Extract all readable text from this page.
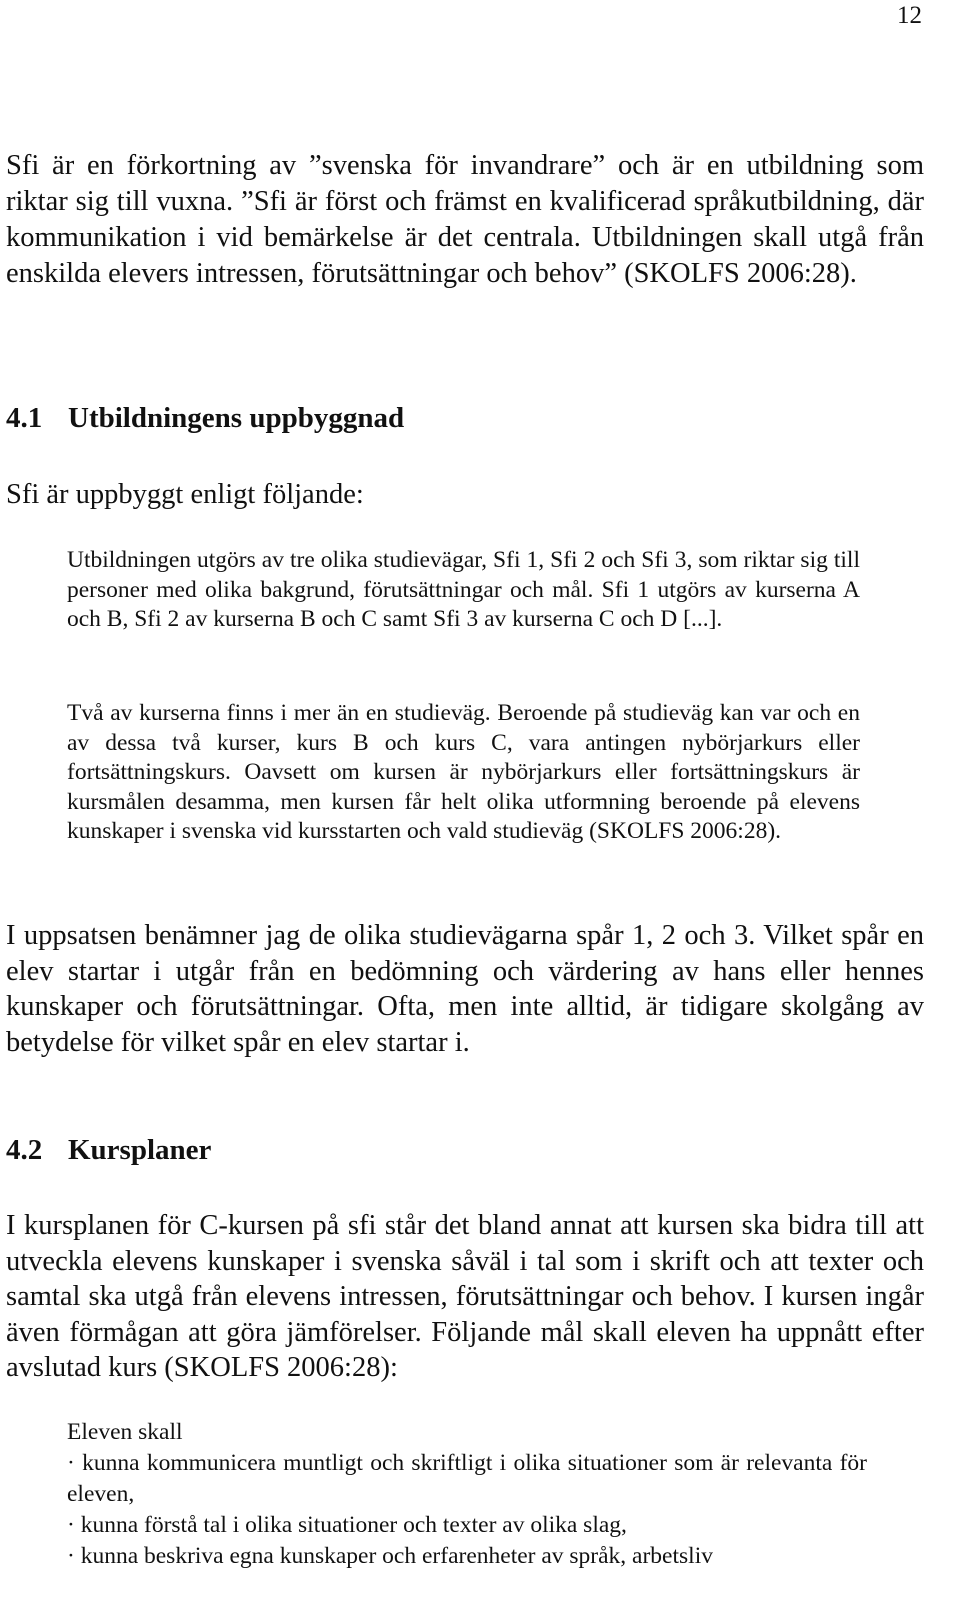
12

Sfi är en förkortning av ”svenska för invandrare” och är en utbildning som riktar sig till vuxna. ”Sfi är först och främst en kvalificerad språkutbildning, där kommunikation i vid bemärkelse är det centrala. Utbildningen skall utgå från enskilda elevers intressen, förutsättningar och behov” (SKOLFS 2006:28).

4.1 Utbildningens uppbyggnad

Sfi är uppbyggt enligt följande:

Utbildningen utgörs av tre olika studievägar, Sfi 1, Sfi 2 och Sfi 3, som riktar sig till personer med olika bakgrund, förutsättningar och mål. Sfi 1 utgörs av kurserna A och B, Sfi 2 av kurserna B och C samt Sfi 3 av kurserna C och D [...].

Två av kurserna finns i mer än en studieväg. Beroende på studieväg kan var och en av dessa två kurser, kurs B och kurs C, vara antingen nybörjarkurs eller fortsättningskurs. Oavsett om kursen är nybörjarkurs eller fortsättningskurs är kursmålen desamma, men kursen får helt olika utformning beroende på elevens kunskaper i svenska vid kursstarten och vald studieväg (SKOLFS 2006:28).

I uppsatsen benämner jag de olika studievägarna spår 1, 2 och 3. Vilket spår en elev startar i utgår från en bedömning och värdering av hans eller hennes kunskaper och förutsättningar. Ofta, men inte alltid, är tidigare skolgång av betydelse för vilket spår en elev startar i.

4.2 Kursplaner

I kursplanen för C-kursen på sfi står det bland annat att kursen ska bidra till att utveckla elevens kunskaper i svenska såväl i tal som i skrift och att texter och samtal ska utgå från elevens intressen, förutsättningar och behov. I kursen ingår även förmågan att göra jämförelser. Följande mål skall eleven ha uppnått efter avslutad kurs (SKOLFS 2006:28):

Eleven skall
· kunna kommunicera muntligt och skriftligt i olika situationer som är relevanta för eleven,
· kunna förstå tal i olika situationer och texter av olika slag,
· kunna beskriva egna kunskaper och erfarenheter av språk, arbetsliv
